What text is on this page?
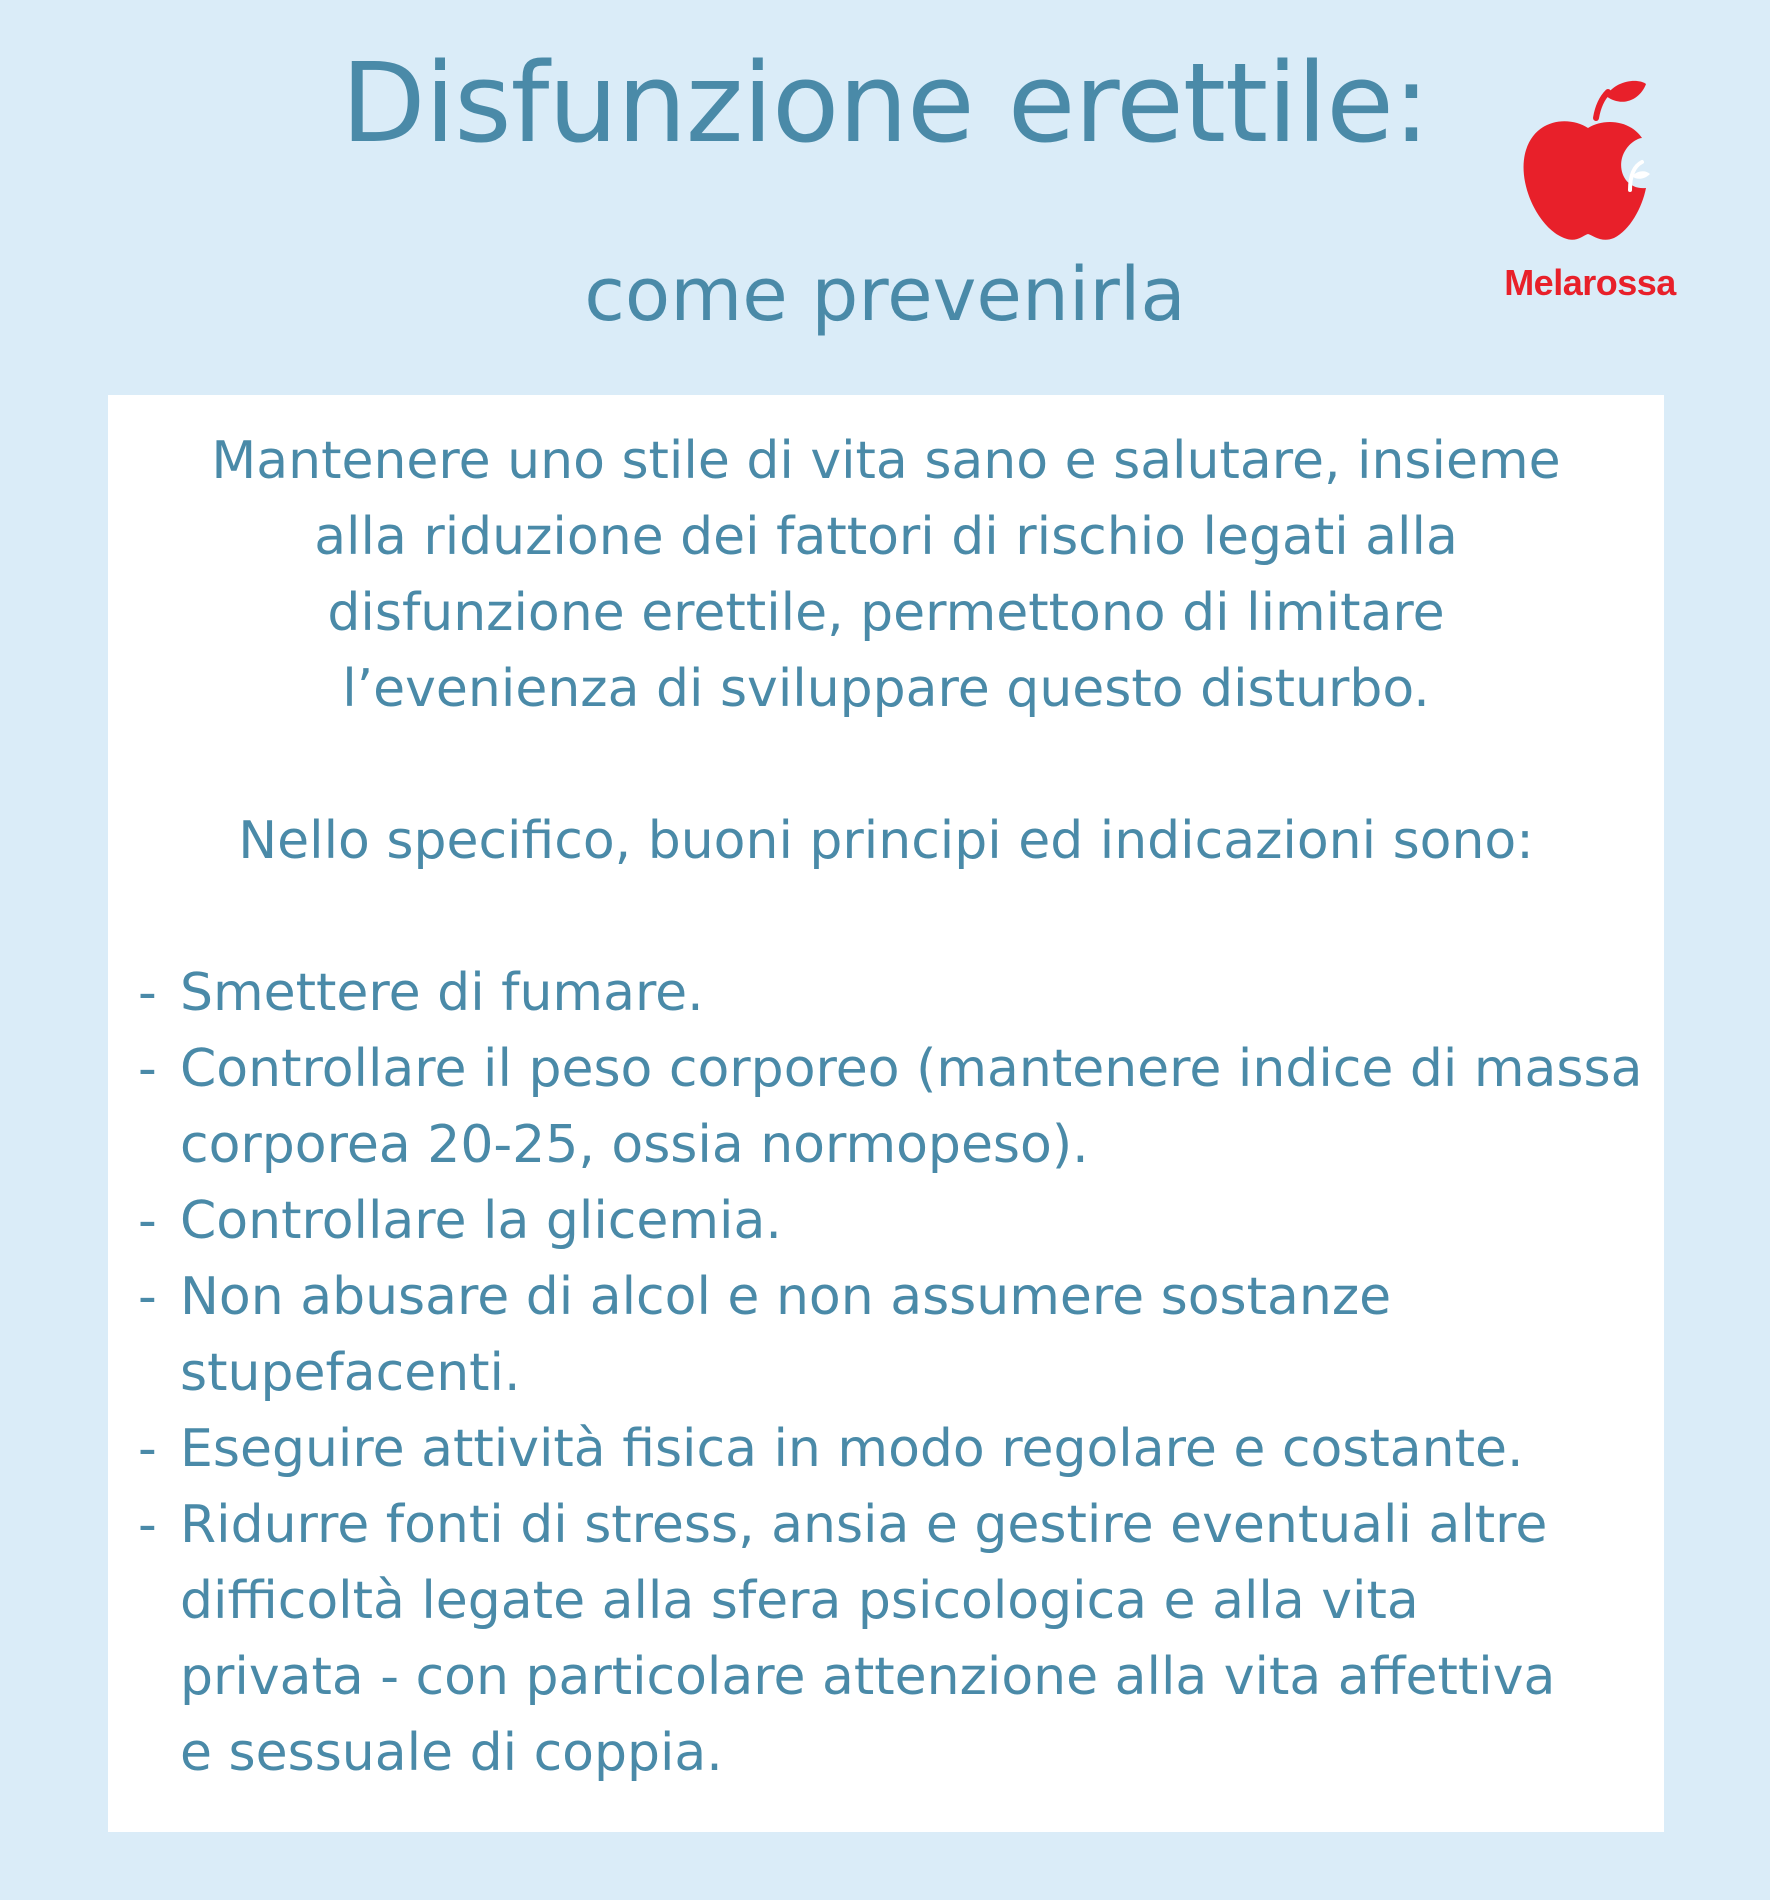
Disfunzione erettile:
come prevenirla	Melarossa

Mantenere uno stile di vita sano e salutare, insieme
alla riduzione dei fattori di rischio legati alla
disfunzione erettile, permettono di limitare
l’evenienza di sviluppare questo disturbo.

Nello specifico, buoni principi ed indicazioni sono:

- Smettere di fumare.
- Controllare il peso corporeo (mantenere indice di massa
corporea 20-25, ossia normopeso).
- Controllare la glicemia.
- Non abusare di alcol e non assumere sostanze
stupefacenti.
- Eseguire attività fisica in modo regolare e costante.
- Ridurre fonti di stress, ansia e gestire eventuali altre
difficoltà legate alla sfera psicologica e alla vita
privata - con particolare attenzione alla vita affettiva
e sessuale di coppia.
